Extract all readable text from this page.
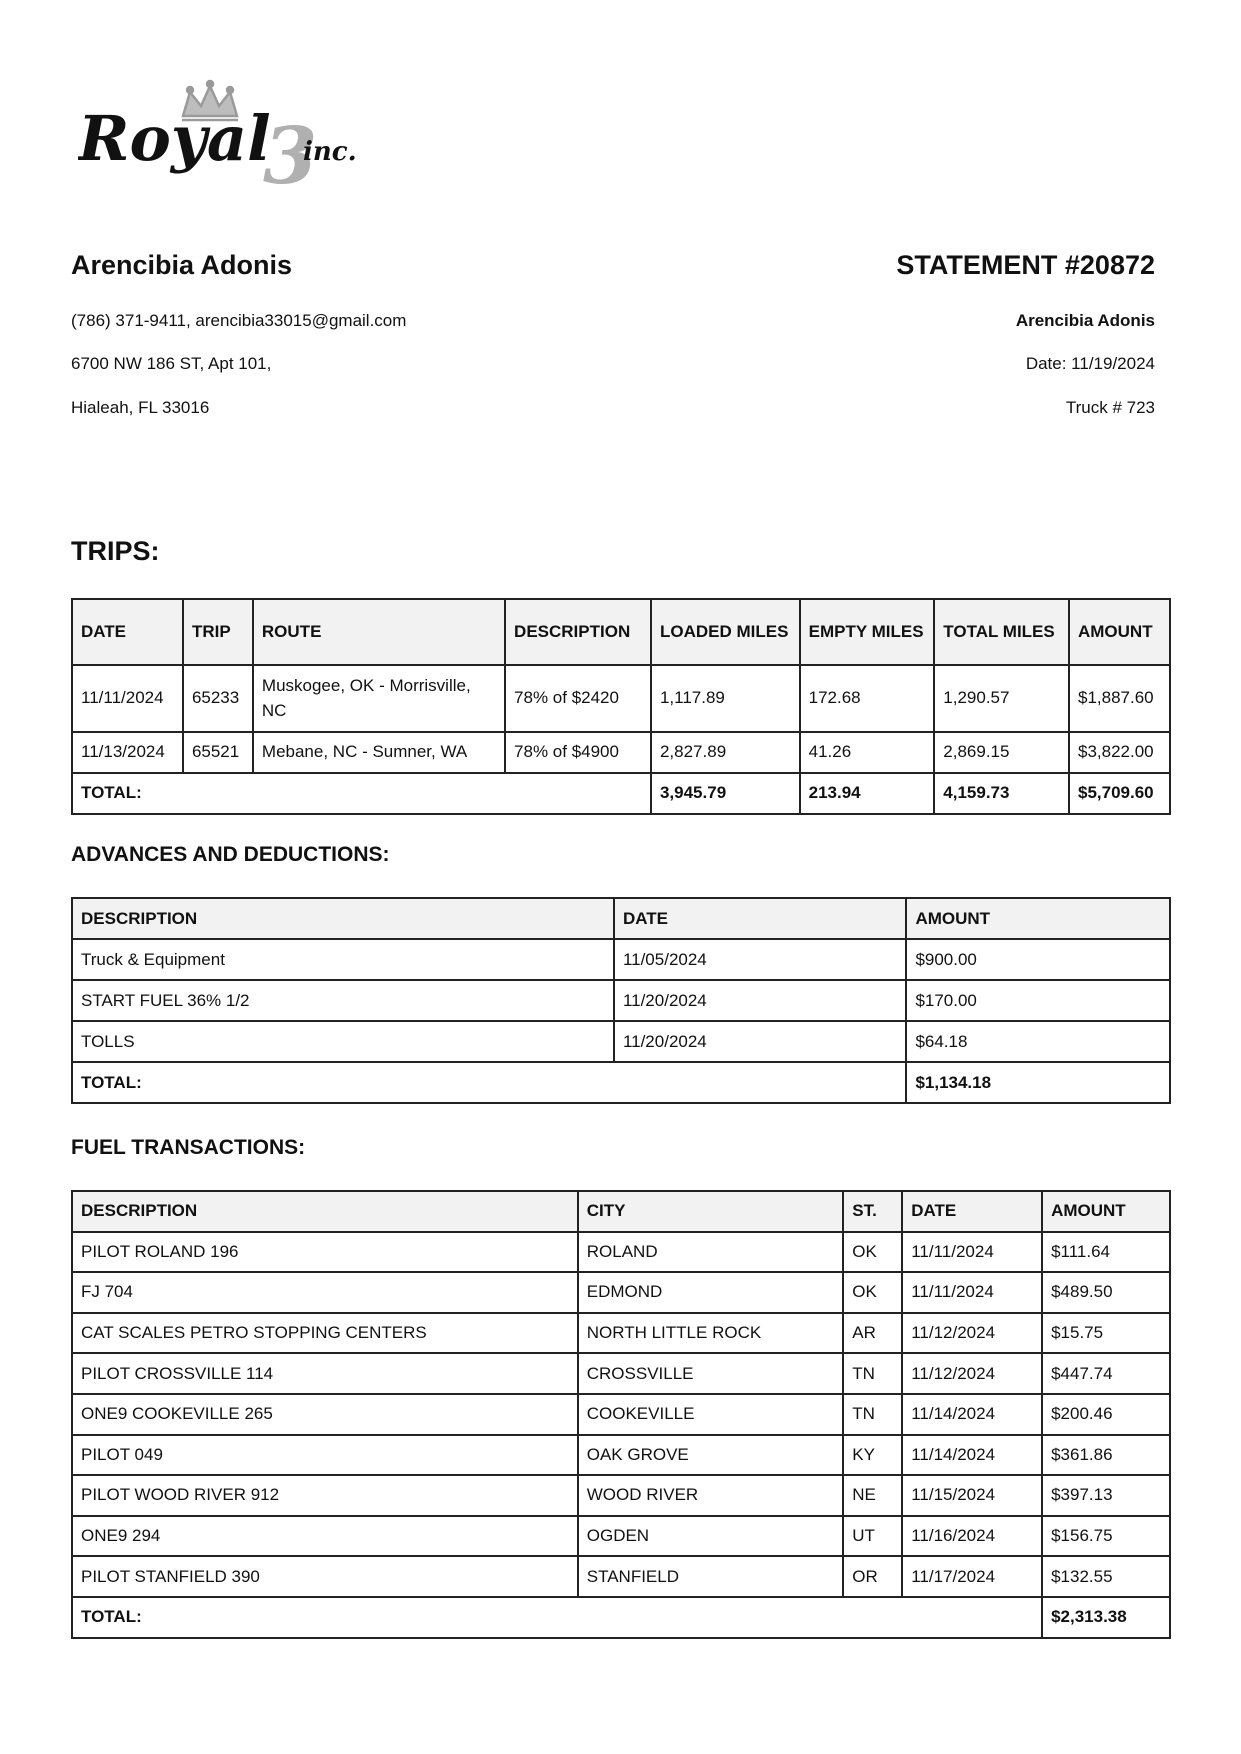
Royal
3
inc.
Arencibia Adonis	STATEMENT #20872
(786) 371-9411, arencibia33015@gmail.com
6700 NW 186 ST, Apt 101,
Hialeah, FL 33016
Arencibia Adonis
Date: 11/19/2024
Truck # 723
TRIPS:
DATE	TRIP	ROUTE	DESCRIPTION	LOADED MILES	EMPTY MILES	TOTAL MILES	AMOUNT
11/11/2024	65233	Muskogee, OK - Morrisville, NC	78% of $2420	1,117.89	172.68	1,290.57	$1,887.60
11/13/2024	65521	Mebane, NC - Sumner, WA	78% of $4900	2,827.89	41.26	2,869.15	$3,822.00
TOTAL:				3,945.79	213.94	4,159.73	$5,709.60
ADVANCES AND DEDUCTIONS:
DESCRIPTION	DATE	AMOUNT
Truck & Equipment	11/05/2024	$900.00
START FUEL 36% 1/2	11/20/2024	$170.00
TOLLS	11/20/2024	$64.18
TOTAL:		$1,134.18
FUEL TRANSACTIONS:
DESCRIPTION	CITY	ST.	DATE	AMOUNT
PILOT ROLAND 196	ROLAND	OK	11/11/2024	$111.64
FJ 704	EDMOND	OK	11/11/2024	$489.50
CAT SCALES PETRO STOPPING CENTERS	NORTH LITTLE ROCK	AR	11/12/2024	$15.75
PILOT CROSSVILLE 114	CROSSVILLE	TN	11/12/2024	$447.74
ONE9 COOKEVILLE 265	COOKEVILLE	TN	11/14/2024	$200.46
PILOT 049	OAK GROVE	KY	11/14/2024	$361.86
PILOT WOOD RIVER 912	WOOD RIVER	NE	11/15/2024	$397.13
ONE9 294	OGDEN	UT	11/16/2024	$156.75
PILOT STANFIELD 390	STANFIELD	OR	11/17/2024	$132.55
TOTAL:				$2,313.38
